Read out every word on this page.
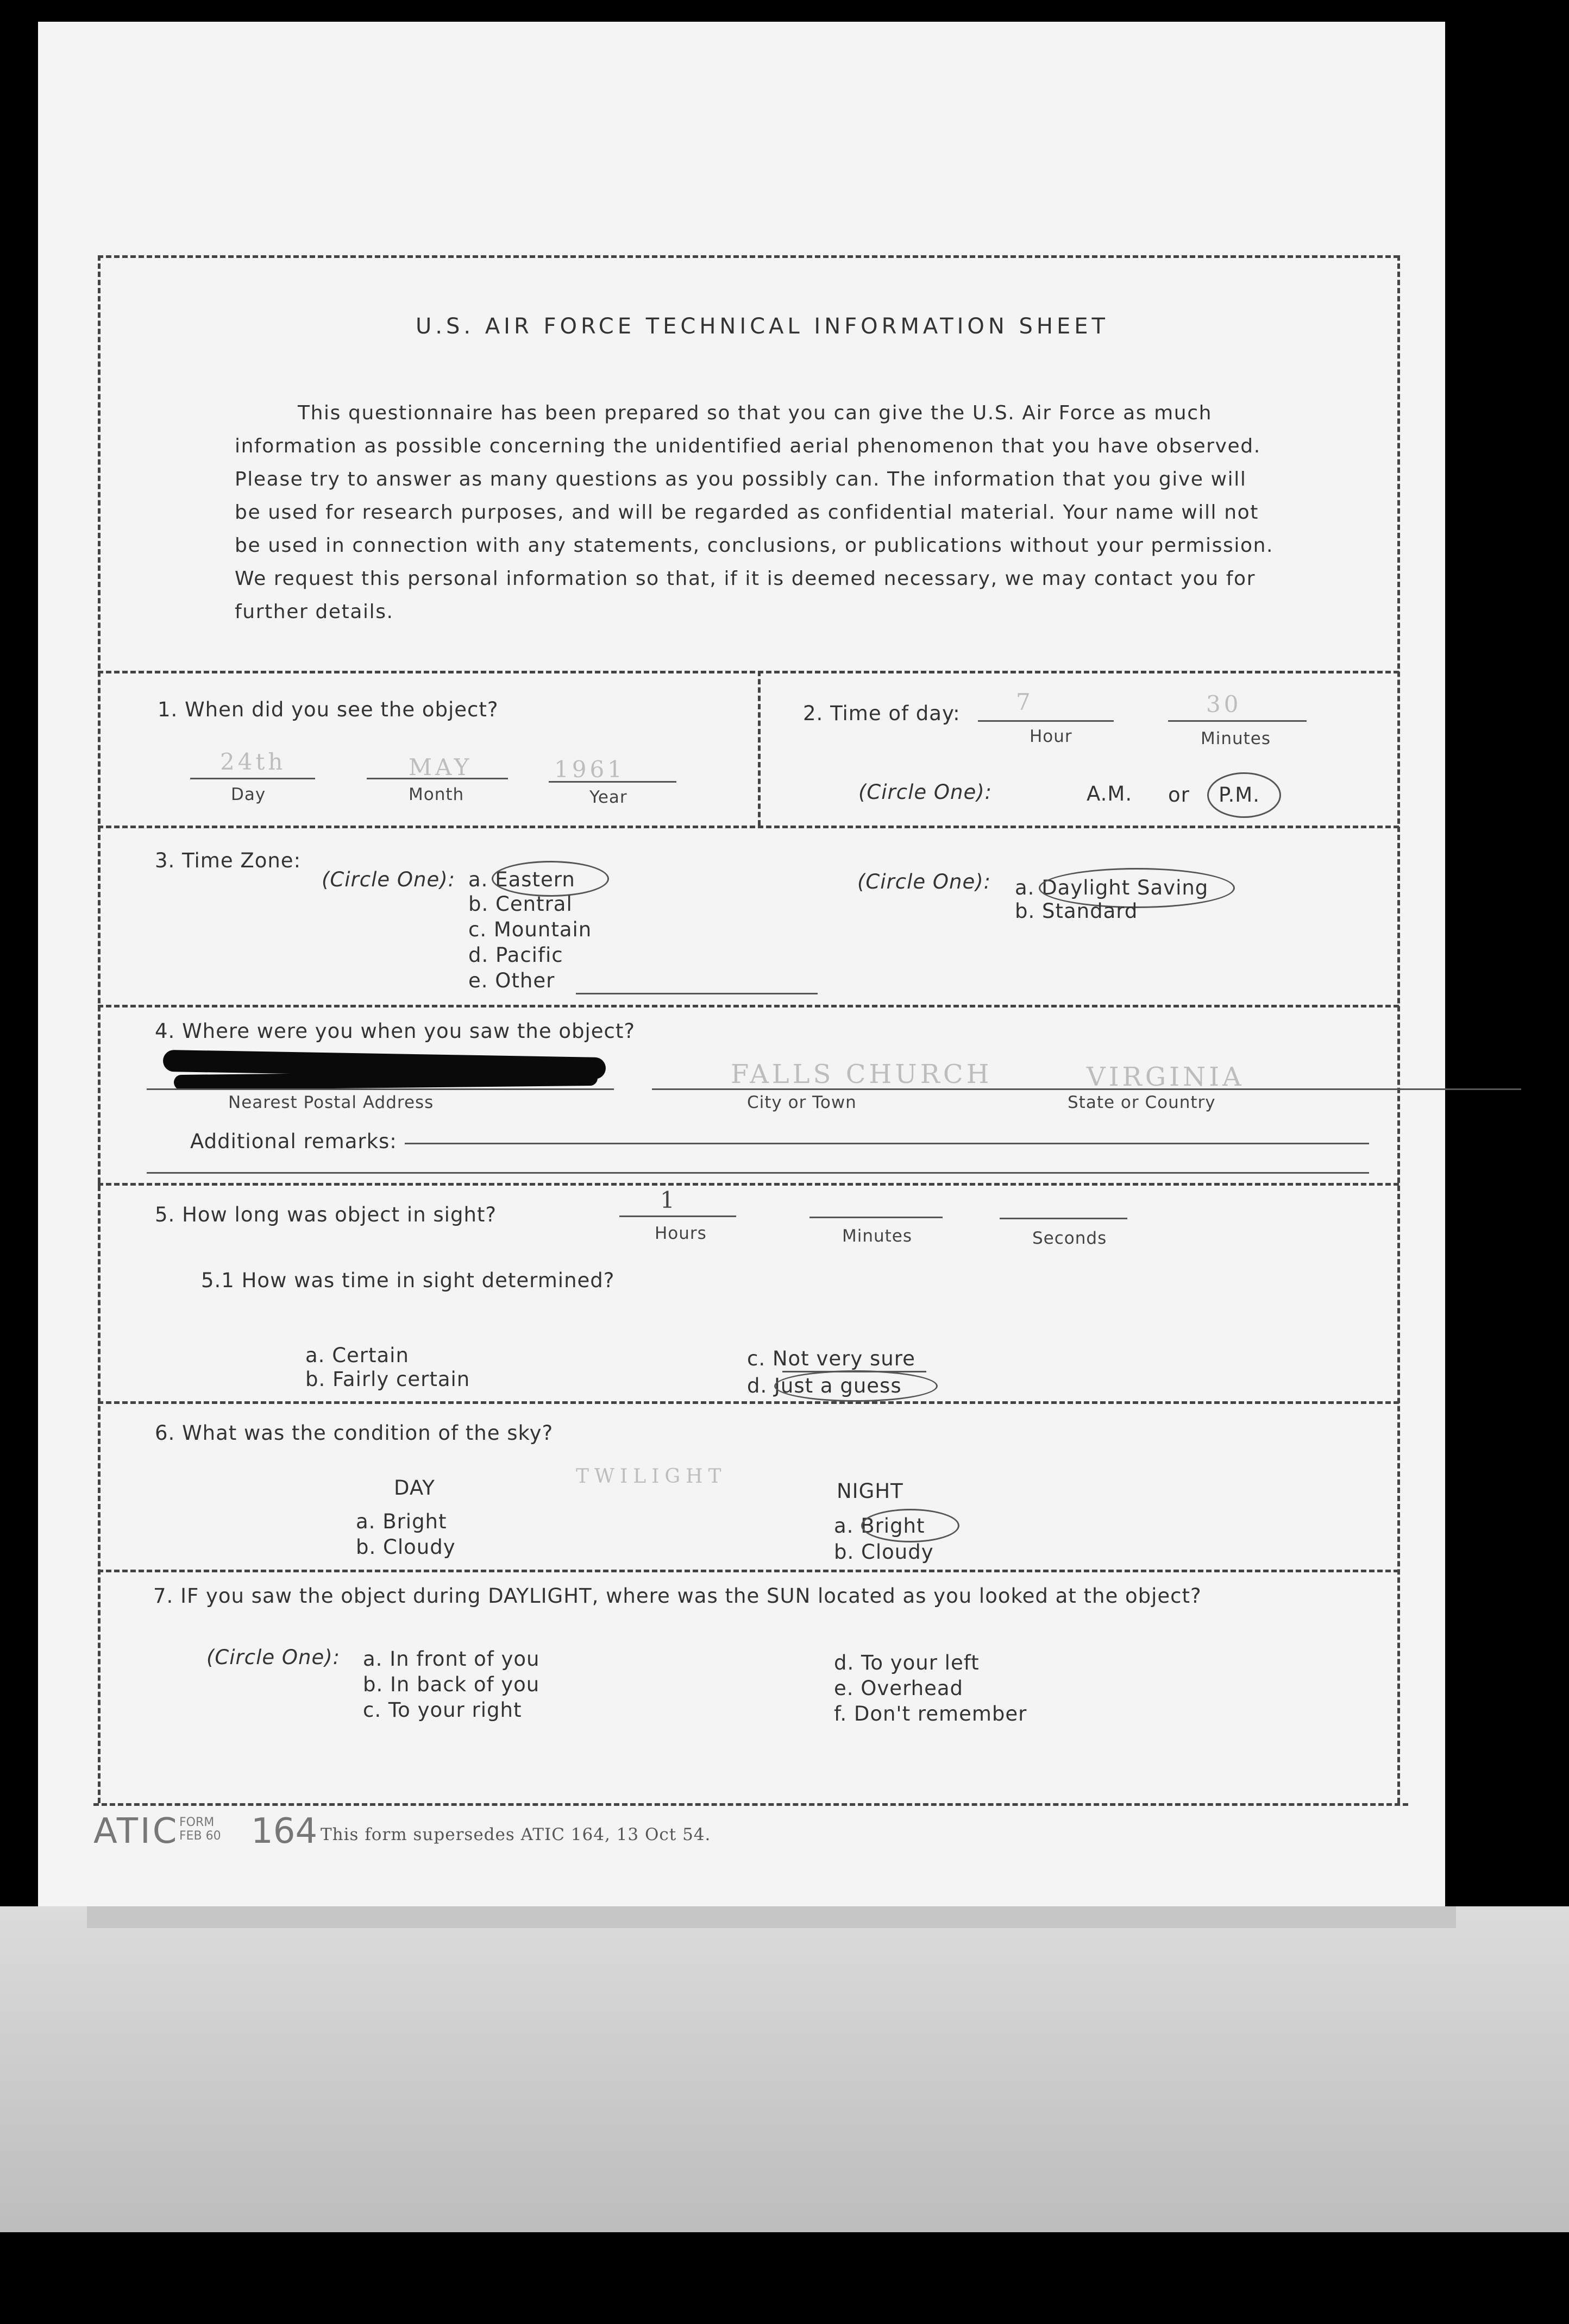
U.S. AIR FORCE TECHNICAL INFORMATION SHEET
This questionnaire has been prepared so that you can give the U.S. Air Force as much
information as possible concerning the unidentified aerial phenomenon that you have observed.
Please try to answer as many questions as you possibly can. The information that you give will
be used for research purposes, and will be regarded as confidential material. Your name will not
be used in connection with any statements, conclusions, or publications without your permission.
We request this personal information so that, if it is deemed necessary, we may contact you for
further details.
1. When did you see the object?
24th
Day
MAY
Month
1961
Year
2. Time of day: 7
Hour
30
Minutes
(Circle One):	A.M. or P.M.
3. Time Zone:
(Circle One): a. Eastern
b. Central
c. Mountain
d. Pacific
e. Other
(Circle One): a. Daylight Saving
b. Standard
4. Where were you when you saw the object?
Nearest Postal Address
FALLS CHURCH
City or Town
VIRGINIA
State or Country
Additional remarks:
5. How long was object in sight?
1
Hours	Minutes	Seconds
5.1 How was time in sight determined?
a. Certain
b. Fairly certain
c. Not very sure
d. Just a guess
6. What was the condition of the sky?
DAY	TWILIGHT
NIGHT
a. Bright
b. Cloudy
a. Bright
b. Cloudy
7. IF you saw the object during DAYLIGHT, where was the SUN located as you looked at the object?
(Circle One): a. In front of you
b. In back of you
c. To your right
d. To your left
e. Overhead
f. Don't remember
ATIC FORM
FEB 60 164 This form supersedes ATIC 164, 13 Oct 54.
